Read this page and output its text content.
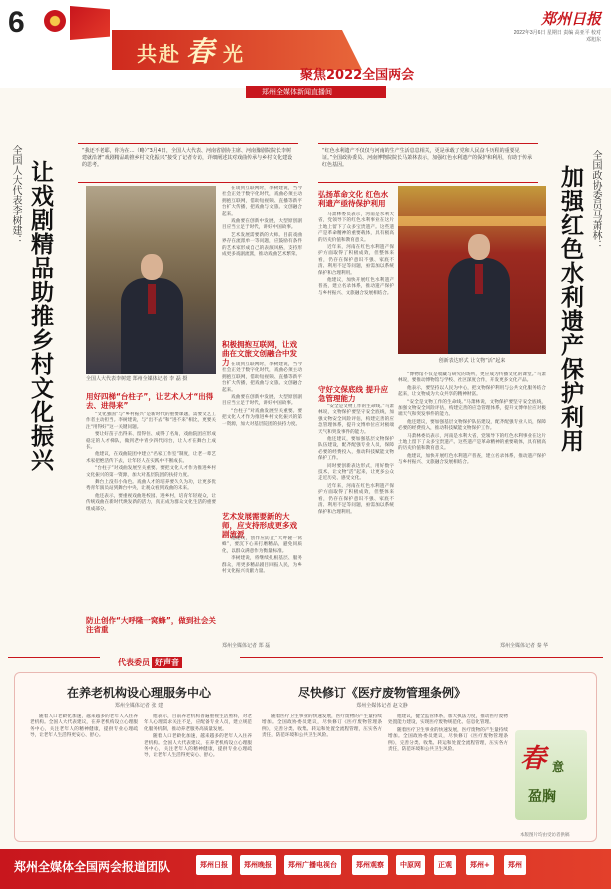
6
共赴 春 光
郑州日报
2022年3月6日 星期日 责编 高亚平 校对 邓旭东
聚焦2022全国两会
郑州全媒体新闻直播间
全国人大代表李树建： 让戏剧精品助推乡村文化振兴
“我还不老耶，你为在…（略）”3月4日，全国人大代表、河南省剧协主席、河南豫剧院院长李树建就沿著“戏剧精品助推乡村文化振兴”接受了记者专访，详细阐述其对戏曲传承与乡村文化建设的思考。
全国人大代表李树建 郑州全媒体记者 李 磊 摄
用好四梯“台柱子”，让艺术人才“出得去、进得来”

“文化强国”与“乡村振兴”是新时代的重要课题，需要文艺工作者主动担当。李树建说，与“出不去”和“进不来”相比，更要关注“用得好”这一关键问题。

要让好苗子出得来、留得住、成得了名角，戏曲院团应形成稳定的人才梯队，做到老中青少四代同台，让人才在舞台上成长。

他建议，在戏曲院团中建立“名家工作室”制度，让老一辈艺术家把绝活传下去，让年轻人在实践中不断成长。

“台柱子”对戏曲发展至关重要。要把文化人才作为推进乡村文化振兴的第一资源，加大对基层院团的扶持力度。

舞台上没有小角色。戏曲人才的培养要久久为功，让更多优秀青年演员站到舞台中央，让观众看到戏曲的未来。

他还表示，要重视戏曲进校园、进乡村，培育年轻观众，让传统戏曲在新时代焕发新的活力，真正成为群众文化生活的重要组成部分。

防止创作“大呼隆一窝蜂”，做到社会关注省重

在谈到互联网时，李树建说，当今社会正处于数字化时代，戏曲必须主动拥抱互联网，借助短视频、直播等新平台扩大传播，把戏曲与文旅、文创融合起来。

戏曲要在创新中发展，大型原创剧目应当立足于时代，讲好中国故事。

艺术发展需要新的大师。目前戏曲界存在流派单一等问题，应鼓励有条件的艺术家形成自己的表演风格，支持形成更多戏剧流派，推动戏曲艺术繁荣。

积极拥抱互联网，让戏曲在文旅文创融合中发力 在谈到互联网时，李树建说，当今社会正处于数字化时代，戏曲必须主动拥抱互联网，借助短视频、直播等新平台扩大传播，把戏曲与文旅、文创融合起来。

戏曲要在创新中发展，大型原创剧目应当立足于时代，讲好中国故事。

“台柱子”对戏曲发展至关重要。要把文化人才作为推进乡村文化振兴的第一资源，加大对基层院团的扶持力度。

艺术发展需要新的大师，应支持形成更多戏剧流派

他建议，创作应防止“大呼隆一窝蜂”，要沉下心来打磨精品，避免同质化，以群众满意作为衡量标准。

李树建说，将继续扎根基层、服务群众，用更多精品剧目回报人民，为乡村文化振兴贡献力量。

郑州全媒体记者 郑 磊
全国政协委员马萧林：
加强红色水利遗产保护利用
“红色水利遗产不仅仅与河南的生产生活息息相关，更是承载了党和人民奋斗历程的重要见证。”全国政协委员、河南博物院院长马萧林表示，加强红色水利遗产的保护和利用，有助于传承红色基因。
弘扬革命文化 红色水利遗产亟待保护利用

马萧林委员表示，河南是水利大省，党领导下的红色水利事业在这片土地上留下了众多宝贵遗产。这些遗产是革命精神的重要载体，具有极高的历史价值和教育意义。

近年来，河南在红色水利遗产保护方面取得了积极成效，但整体来看，仍存在保护意识不强、家底不清、利用不足等问题，亟需加以系统保护和合理利用。

他建议，加快开展红色水利遗产普查，建立名录体系，推动遗产保护与乡村振兴、文旅融合发展相结合。

守好文保底线 提升应急管理能力

“安全是文物工作的生命线。”马萧林说，文物保护要坚守安全底线，加强文物安全风险评估，构建完善的应急管理体系，提升文博单位应对极端天气和突发事件的能力。

他还建议，要加强基层文物保护队伍建设，配齐配强专业人员，保障必要的经费投入，推动科技赋能文物保护工作。

同时要创新表达形式，用好数字技术，让文物“活”起来，让更多公众走近历史、感受文化。

近年来，河南在红色水利遗产保护方面取得了积极成效，但整体来看，仍存在保护意识不强、家底不清、利用不足等问题，亟需加以系统保护和合理利用。

创新表达形式 让文物“活”起来

“博物馆不仅是收藏与研究的场所，更应成为传播文化的课堂。”马萧林说，要推动博物馆与学校、社区深度合作，开发更多文化产品。

他表示，要坚持以人民为中心，把文物保护利用与公共文化服务结合起来，让文物成为大众共享的精神财富。

“安全是文物工作的生命线。”马萧林说，文物保护要坚守安全底线，加强文物安全风险评估，构建完善的应急管理体系，提升文博单位应对极端天气和突发事件的能力。

他还建议，要加强基层文物保护队伍建设，配齐配强专业人员，保障必要的经费投入，推动科技赋能文物保护工作。

马萧林委员表示，河南是水利大省，党领导下的红色水利事业在这片土地上留下了众多宝贵遗产。这些遗产是革命精神的重要载体，具有极高的历史价值和教育意义。

他建议，加快开展红色水利遗产普查，建立名录体系，推动遗产保护与乡村振兴、文旅融合发展相结合。

郑州全媒体记者 秦 华
代表委员 好声音
在养老机构设心理服务中心
郑州全媒体记者 张 建

随着人口老龄化加速，越来越多的老年人入住养老机构。全国人大代表建议，在养老机构设立心理服务中心，关注老年人的精神健康，提供专业心理疏导，让老年人生活得更安心、舒心。

他表示，目前养老机构普遍重视生活照料，对老年人心理需求关注不足，应配备专业人员，建立规范化服务机制，推动养老服务高质量发展。

随着人口老龄化加速，越来越多的老年人入住养老机构。全国人大代表建议，在养老机构设立心理服务中心，关注老年人的精神健康，提供专业心理疏导，让老年人生活得更安心、舒心。

尽快修订《医疗废物管理条例》
郑州全媒体记者 赵文静

随着医疗卫生事业的快速发展，医疗废物的产生量持续增加。全国政协委员建议，尽快修订《医疗废物管理条例》，完善分类、收集、转运和处置全流程管理，压实各方责任，防范环境和公共卫生风险。

他建议，健全监管体系，加大执法力度，推动医疗废物处置能力建设，实现医疗废物规范化、信息化管理。

随着医疗卫生事业的快速发展，医疗废物的产生量持续增加。全国政协委员建议，尽快修订《医疗废物管理条例》，完善分类、收集、转运和处置全流程管理，压实各方责任，防范环境和公共卫生风险。	春 意
盈胸
本版图片均由受访者供稿
郑州全媒体全国两会报道团队	郑州日报	郑州晚报	郑州广播电视台	郑州观察	中原网	正观	郑州+	郑州
